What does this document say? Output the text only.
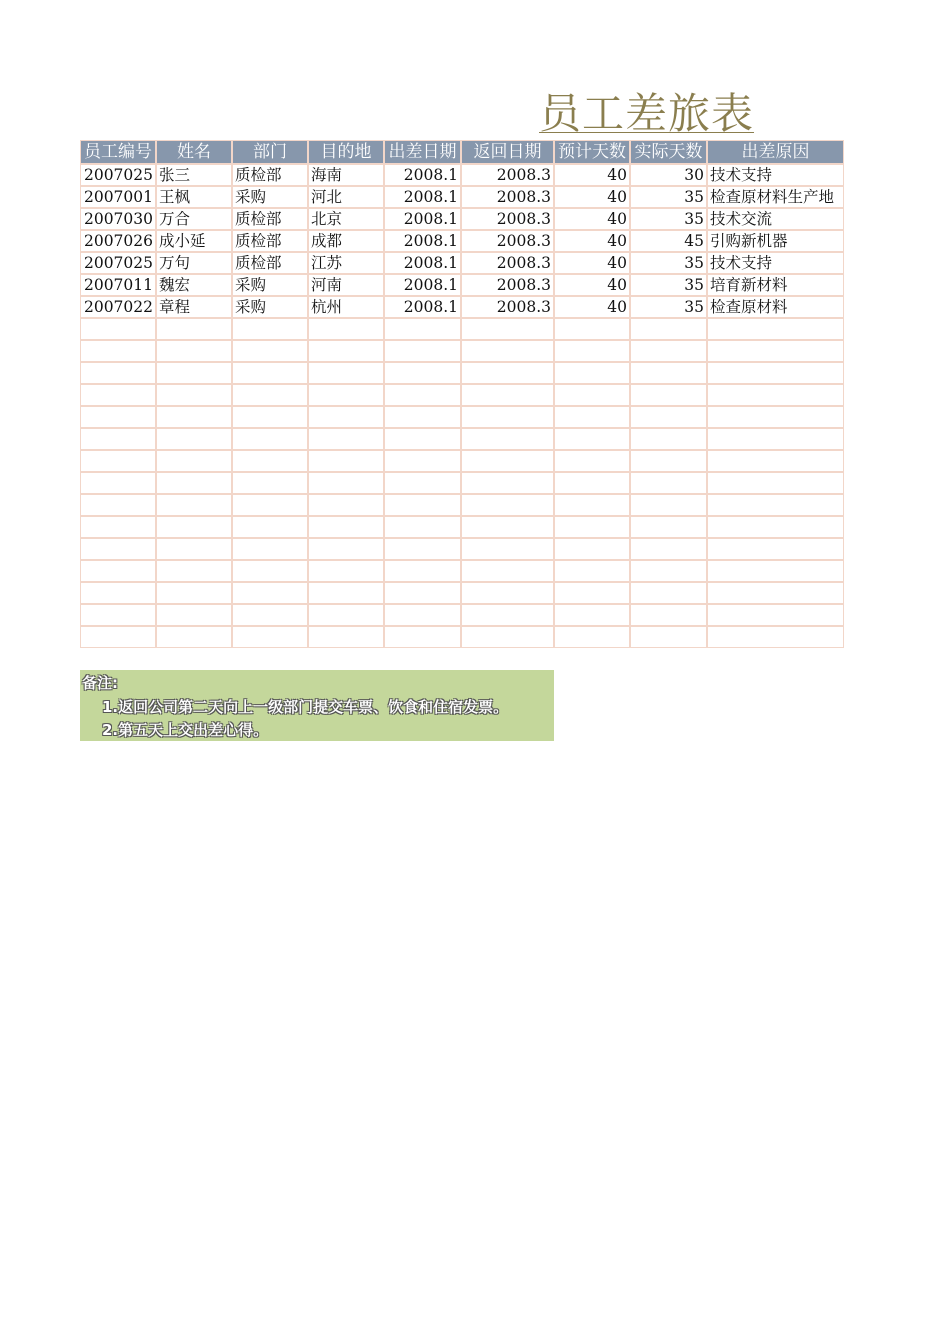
员工差旅表
员工编号	姓名	部门	目的地	出差日期	返回日期	预计天数	实际天数	出差原因
2007025	张三	质检部	海南	2008.1	2008.3	40	30	技术支持
2007001	王枫	采购	河北	2008.1	2008.3	40	35	检查原材料生产地
2007030	万合	质检部	北京	2008.1	2008.3	40	35	技术交流
2007026	成小延	质检部	成都	2008.1	2008.3	40	45	引购新机器
2007025	万句	质检部	江苏	2008.1	2008.3	40	35	技术支持
2007011	魏宏	采购	河南	2008.1	2008.3	40	35	培育新材料
2007022	章程	采购	杭州	2008.1	2008.3	40	35	检查原材料

备注:
1.返回公司第二天向上一级部门提交车票、饮食和住宿发票。
2.第五天上交出差心得。
